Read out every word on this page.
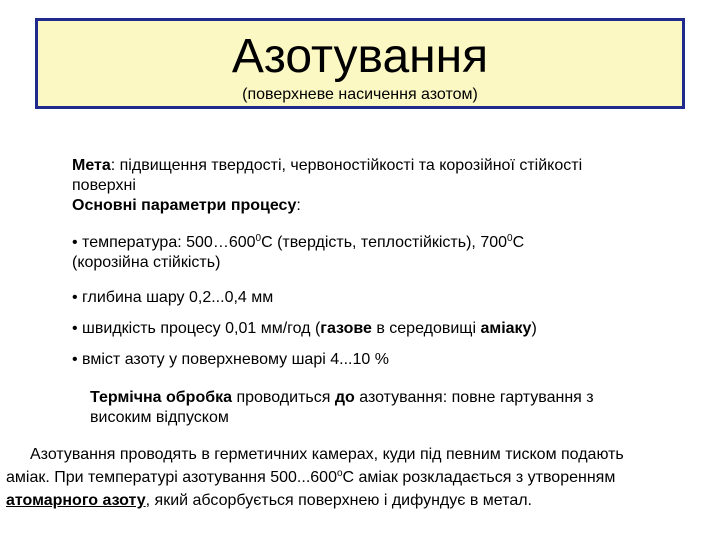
Азотування
(поверхневе насичення азотом)
Мета: підвищення твердості, червоностійкості та корозійної стійкості
поверхні
Основні параметри процесу:
• температура: $500\dots 600^0С$ (твердість, теплостійкість), $700^0С$
(корозійна стійкість)
• глибина шару 0,2...0,4 мм
• швидкість процесу 0,01 мм/год (газове в середовищі аміаку)
• вміст азоту у поверхневому шарі 4...10 %
Термічна обробка проводиться до азотування: повне гартування з
високим відпуском
Азотування проводять в герметичних камерах, куди під певним тиском подають
аміак. При температурі азотування $500...600^оС$ аміак розкладається з утворенням
атомарного азоту, який абсорбується поверхнею і дифундує в метал.
